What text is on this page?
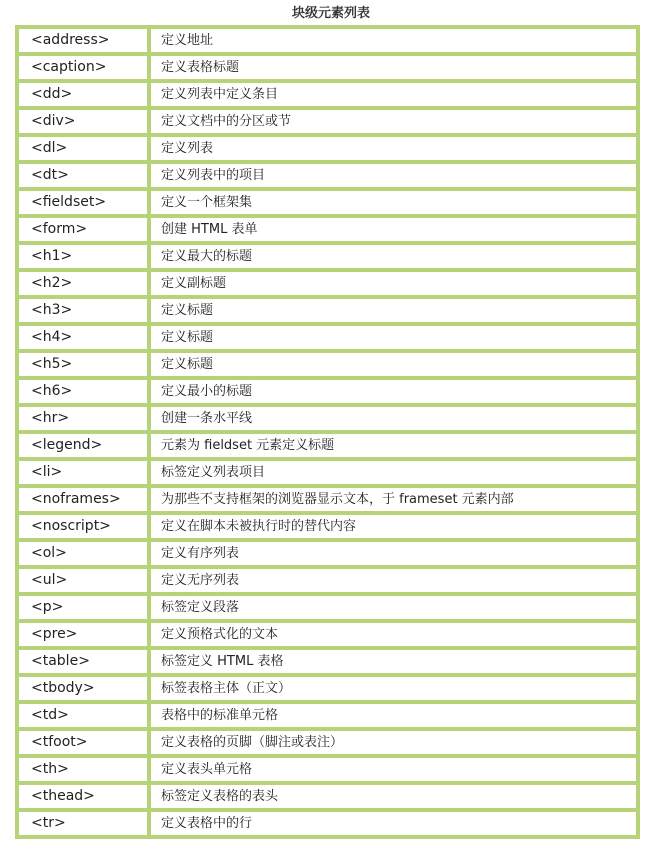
块级元素列表
<address>	定义地址
<caption>	定义表格标题
<dd>	定义列表中定义条目
<div>	定义文档中的分区或节
<dl>	定义列表
<dt>	定义列表中的项目
<fieldset>	定义一个框架集
<form>	创建 HTML 表单
<h1>	定义最大的标题
<h2>	定义副标题
<h3>	定义标题
<h4>	定义标题
<h5>	定义标题
<h6>	定义最小的标题
<hr>	创建一条水平线
<legend>	元素为 fieldset 元素定义标题
<li>	标签定义列表项目
<noframes>	为那些不支持框架的浏览器显示文本，于 frameset 元素内部
<noscript>	定义在脚本未被执行时的替代内容
<ol>	定义有序列表
<ul>	定义无序列表
<p>	标签定义段落
<pre>	定义预格式化的文本
<table>	标签定义 HTML 表格
<tbody>	标签表格主体（正文）
<td>	表格中的标准单元格
<tfoot>	定义表格的页脚（脚注或表注）
<th>	定义表头单元格
<thead>	标签定义表格的表头
<tr>	定义表格中的行
